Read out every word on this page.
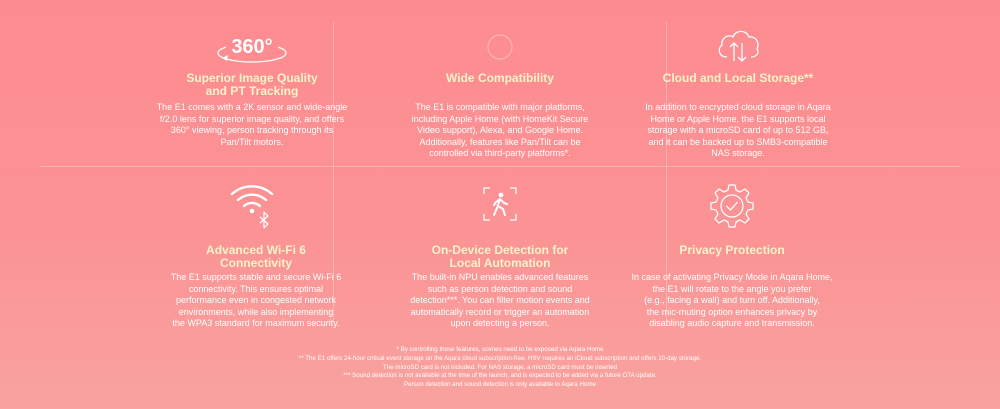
360°
Superior Image Quality
and PT Tracking
The E1 comes with a 2K sensor and wide-angle
f/2.0 lens for superior image quality, and offers
360° viewing, person tracking through its
Pan/Tilt motors.
Wide Compatibility
The E1 is compatible with major platforms,
including Apple Home (with HomeKit Secure
Video support), Alexa, and Google Home.
Additionally, features like Pan/Tilt can be
controlled via third-party platforms*.
Cloud and Local Storage**
In addition to encrypted cloud storage in Aqara
Home or Apple Home, the E1 supports local
storage with a microSD card of up to 512 GB,
and it can be backed up to SMB3-compatible
NAS storage.
Advanced Wi-Fi 6
Connectivity
The E1 supports stable and secure Wi-Fi 6
connectivity. This ensures optimal
performance even in congested network
environments, while also implementing
the WPA3 standard for maximum security.
On-Device Detection for
Local Automation
The built-in NPU enables advanced features
such as person detection and sound
detection***. You can filter motion events and
automatically record or trigger an automation
upon detecting a person.
Privacy Protection
In case of activating Privacy Mode in Aqara Home,
the E1 will rotate to the angle you prefer
(e.g., facing a wall) and turn off. Additionally,
the mic-muting option enhances privacy by
disabling audio capture and transmission.
* By controlling those features, scenes need to be exposed via Aqara Home
** The E1 offers 24-hour critical event storage on the Aqara cloud subscription-free. HSV requires an iCloud subscription and offers 10-day storage.
The microSD card is not included. For NAS storage, a microSD card must be inserted
*** Sound detection is not available at the time of the launch, and is expected to be added via a future OTA update.
Person detection and sound detection is only available in Aqara Home
